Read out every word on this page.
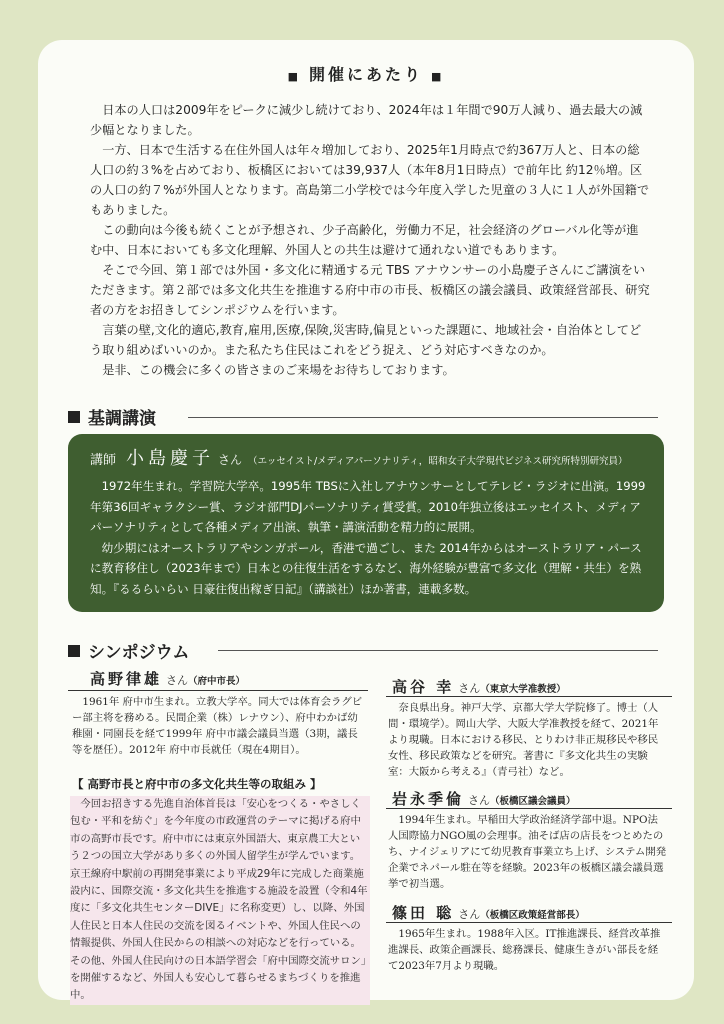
■ 開催にあたり ■

日本の人口は2009年をピークに減少し続けており、2024年は１年間で90万人減り、過去最大の減少幅となりました。

一方、日本で生活する在住外国人は年々増加しており、2025年1月時点で約367万人と、日本の総人口の約３%を占めており、板橋区においては39,937人（本年8月1日時点）で前年比 約12％増。区の人口の約７%が外国人となります。高島第二小学校では今年度入学した児童の３人に１人が外国籍でもありました。

この動向は今後も続くことが予想され、少子高齢化，労働力不足，社会経済のグローバル化等が進む中、日本においても多文化理解、外国人との共生は避けて通れない道でもあります。

そこで今回、第１部では外国・多文化に精通する元 TBS アナウンサーの小島慶子さんにご講演をいただきます。第２部では多文化共生を推進する府中市の市長、板橋区の議会議員、政策経営部長、研究者の方をお招きしてシンポジウムを行います。

言葉の壁,文化的適応,教育,雇用,医療,保険,災害時,偏見といった課題に、地域社会・自治体としてどう取り組めばいいのか。また私たち住民はこれをどう捉え、どう対応すべきなのか。

是非、この機会に多くの皆さまのご来場をお待ちしております。

基調講演
講師 小島慶子 さん （エッセイスト/メディアパーソナリティ，昭和女子大学現代ビジネス研究所特別研究員）

1972年生まれ。学習院大学卒。1995年 TBSに入社しアナウンサーとしてテレビ・ラジオに出演。1999年第36回ギャラクシー賞、ラジオ部門DJパーソナリティ賞受賞。2010年独立後はエッセイスト、メディアパーソナリティとして各種メディア出演、執筆・講演活動を精力的に展開。

幼少期にはオーストラリアやシンガポール，香港で過ごし、また 2014年からはオーストラリア・パースに教育移住し（2023年まで）日本との往復生活をするなど、海外経験が豊富で多文化（理解・共生）を熟知。『るるらいらい 日豪往復出稼ぎ日記』（講談社）ほか著書，連載多数。

シンポジウム
高野律雄 さん（府中市長）

1961年 府中市生まれ。立教大学卒。同大では体育会ラグビー部主将を務める。民間企業（株）レナウン）、府中わかば幼稚園・同園長を経て1999年 府中市議会議員当選（3期，議長等を歴任）。2012年 府中市長就任（現在4期目）。

【 高野市長と府中市の多文化共生等の取組み 】

今回お招きする先進自治体首長は「安心をつくる・やさしく包む・平和を紡ぐ」を今年度の市政運営のテーマに掲げる府中市の高野市長です。府中市には東京外国語大、東京農工大という２つの国立大学があり多くの外国人留学生が学んでいます。京王線府中駅前の再開発事業により平成29年に完成した商業施設内に、国際交流・多文化共生を推進する施設を設置（令和4年度に「多文化共生センターDIVE」に名称変更）し、以降、外国人住民と日本人住民の交流を図るイベントや、外国人住民への情報提供、外国人住民からの相談への対応などを行っている。その他、外国人住民向けの日本語学習会「府中国際交流サロン」を開催するなど、外国人も安心して暮らせるまちづくりを推進中。

高谷 幸 さん（東京大学准教授）

奈良県出身。神戸大学、京都大学大学院修了。博士（人間・環境学）。岡山大学、大阪大学准教授を経て、2021年より現職。日本における移民、とりわけ非正規移民や移民女性、移民政策などを研究。著書に『多文化共生の実験室：大阪から考える』（青弓社）など。

岩永季倫 さん（板橋区議会議員）

1994年生まれ。早稲田大学政治経済学部中退。NPO法人国際協力NGO風の会理事。油そば店の店長をつとめたのち、ナイジェリアにて幼児教育事業立ち上げ、システム開発企業でネパール駐在等を経験。2023年の板橋区議会議員選挙で初当選。

篠田 聡 さん（板橋区政策経営部長）

1965年生まれ。1988年入区。IT推進課長、経営改革推進課長、政策企画課長、総務課長、健康生きがい部長を経て2023年7月より現職。
